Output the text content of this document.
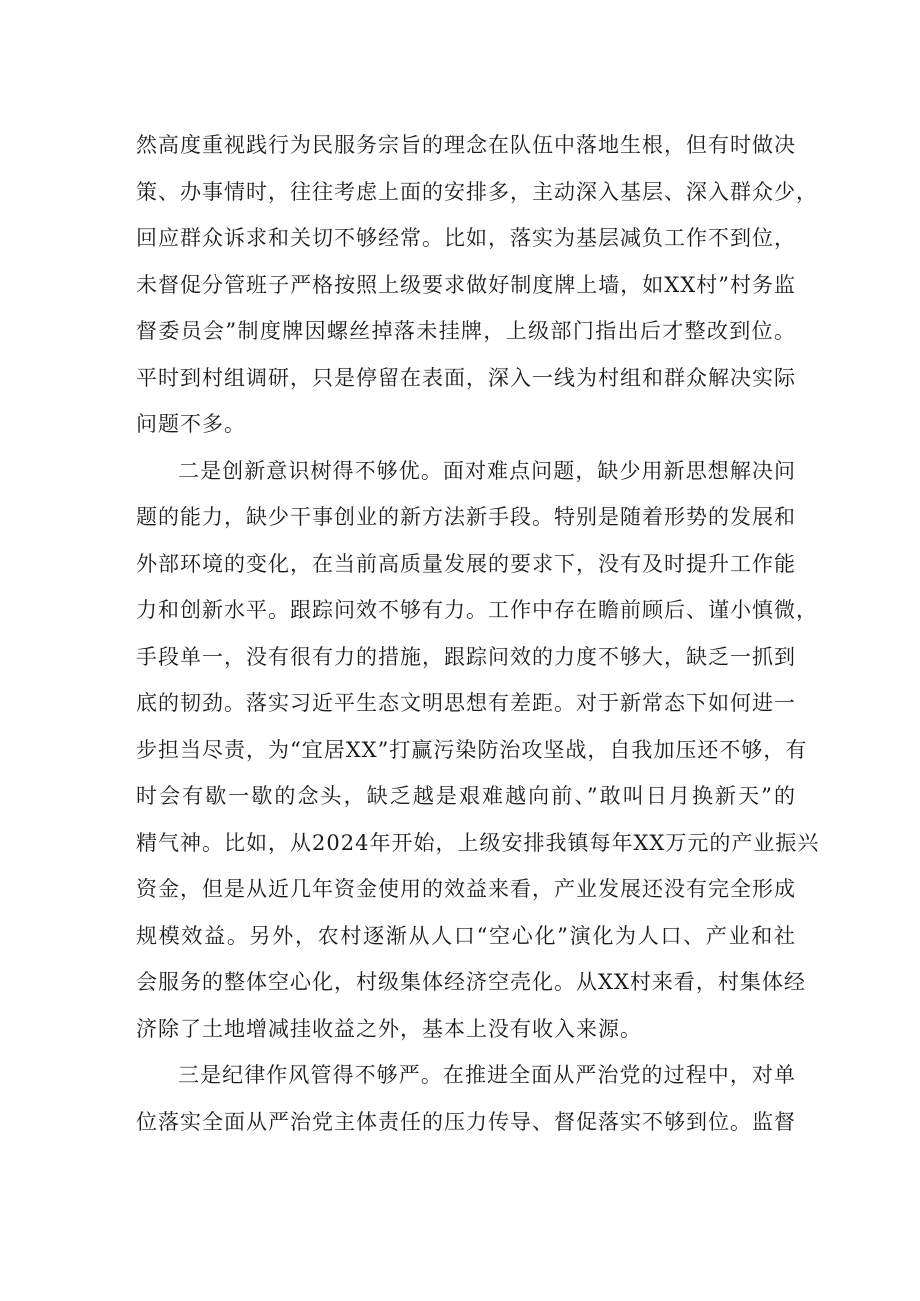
然高度重视践行为民服务宗旨的理念在队伍中落地生根，但有时做决
策、办事情时，往往考虑上面的安排多，主动深入基层、深入群众少，
回应群众诉求和关切不够经常。比如，落实为基层减负工作不到位，
未督促分管班子严格按照上级要求做好制度牌上墙，如XX村”村务监
督委员会”制度牌因螺丝掉落未挂牌，上级部门指出后才整改到位。
平时到村组调研，只是停留在表面，深入一线为村组和群众解决实际
问题不多。
二是创新意识树得不够优。面对难点问题，缺少用新思想解决问
题的能力，缺少干事创业的新方法新手段。特别是随着形势的发展和
外部环境的变化，在当前高质量发展的要求下，没有及时提升工作能
力和创新水平。跟踪问效不够有力。工作中存在瞻前顾后、谨小慎微，
手段单一，没有很有力的措施，跟踪问效的力度不够大，缺乏一抓到
底的韧劲。落实习近平生态文明思想有差距。对于新常态下如何进一
步担当尽责，为“宜居XX”打赢污染防治攻坚战，自我加压还不够，有
时会有歇一歇的念头，缺乏越是艰难越向前、”敢叫日月换新天”的
精气神。比如，从2024年开始，上级安排我镇每年XX万元的产业振兴
资金，但是从近几年资金使用的效益来看，产业发展还没有完全形成
规模效益。另外，农村逐渐从人口“空心化”演化为人口、产业和社
会服务的整体空心化，村级集体经济空壳化。从XX村来看，村集体经
济除了土地增减挂收益之外，基本上没有收入来源。
三是纪律作风管得不够严。在推进全面从严治党的过程中，对单
位落实全面从严治党主体责任的压力传导、督促落实不够到位。监督
